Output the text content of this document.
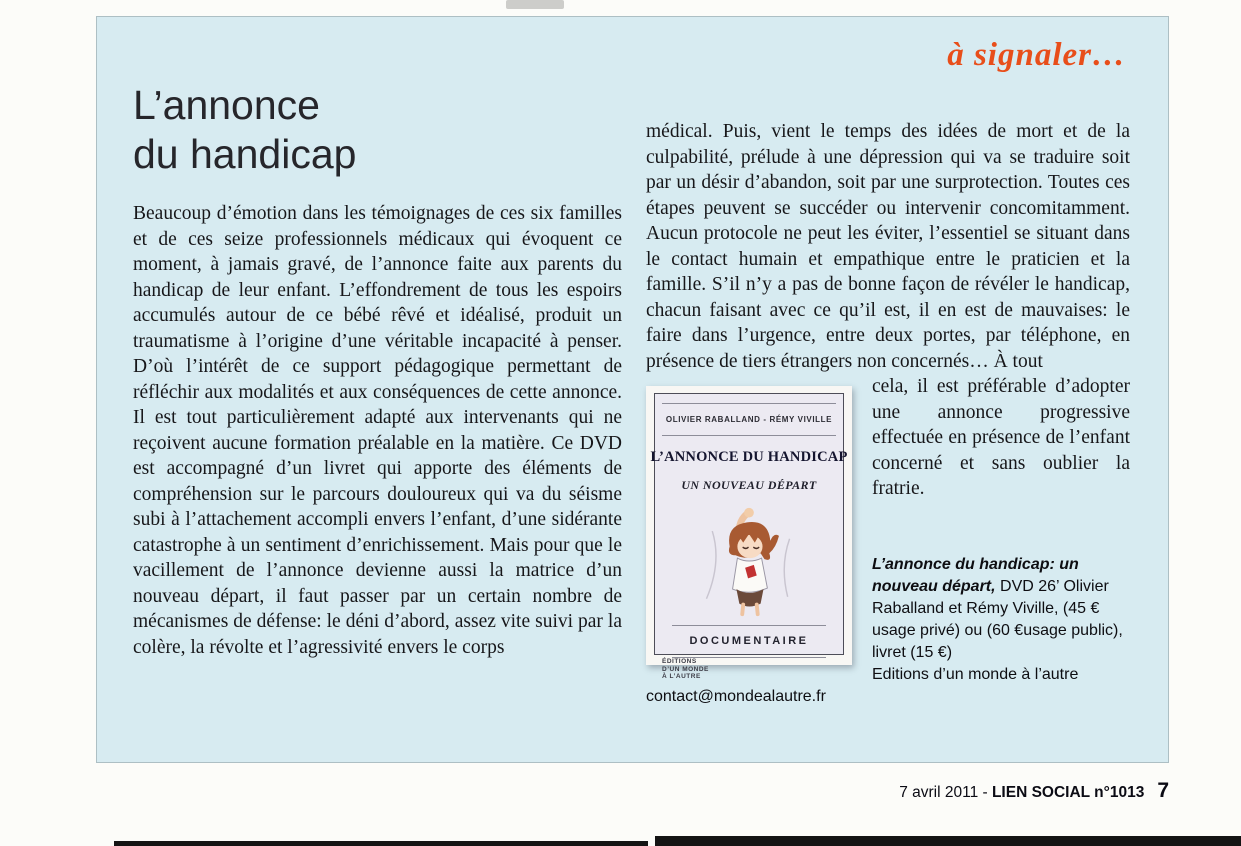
à signaler…
L’annonce
du handicap
Beaucoup d’émotion dans les témoignages de ces six familles et de ces seize professionnels médicaux qui évoquent ce moment, à jamais gravé, de l’annonce faite aux parents du handicap de leur enfant. L’effondrement de tous les espoirs accumulés autour de ce bébé rêvé et idéalisé, produit un traumatisme à l’origine d’une véritable incapacité à penser. D’où l’intérêt de ce support pédagogique permettant de réfléchir aux modalités et aux conséquences de cette annonce. Il est tout particulièrement adapté aux intervenants qui ne reçoivent aucune formation préalable en la matière. Ce DVD est accompagné d’un livret qui apporte des éléments de compréhension sur le parcours douloureux qui va du séisme subi à l’attachement accompli envers l’enfant, d’une sidérante catastrophe à un sentiment d’enrichissement. Mais pour que le vacillement de l’annonce devienne aussi la matrice d’un nouveau départ, il faut passer par un certain nombre de mécanismes de défense: le déni d’abord, assez vite suivi par la colère, la révolte et l’agressivité envers le corps

médical. Puis, vient le temps des idées de mort et de la culpabilité, prélude à une dépression qui va se traduire soit par un désir d’abandon, soit par une surprotection. Toutes ces étapes peuvent se succéder ou intervenir concomitamment. Aucun protocole ne peut les éviter, l’essentiel se situant dans le contact humain et empathique entre le praticien et la famille. S’il n’y a pas de bonne façon de révéler le handicap, chacun faisant avec ce qu’il est, il en est de mauvaises: le faire dans l’urgence, entre deux portes, par téléphone, en présence de tiers étrangers non concernés… À tout

OLIVIER RABALLAND - RÉMY VIVILLE
L’ANNONCE DU HANDICAP
UN NOUVEAU DÉPART
DOCUMENTAIRE
ÉDITIONS
D’UN MONDE
À L’AUTRE

cela, il est préférable d’adopter une annonce progressive effectuée en présence de l’enfant concerné et sans oublier la fratrie.

L’annonce du handicap: un nouveau départ, DVD 26’ Olivier Raballand et Rémy Viville, (45 € usage privé) ou (60 €usage public), livret (15 €)

Editions d’un monde à l’autre
contact@mondealautre.fr
7 avril 2011 - LIEN SOCIAL n°1013 7
